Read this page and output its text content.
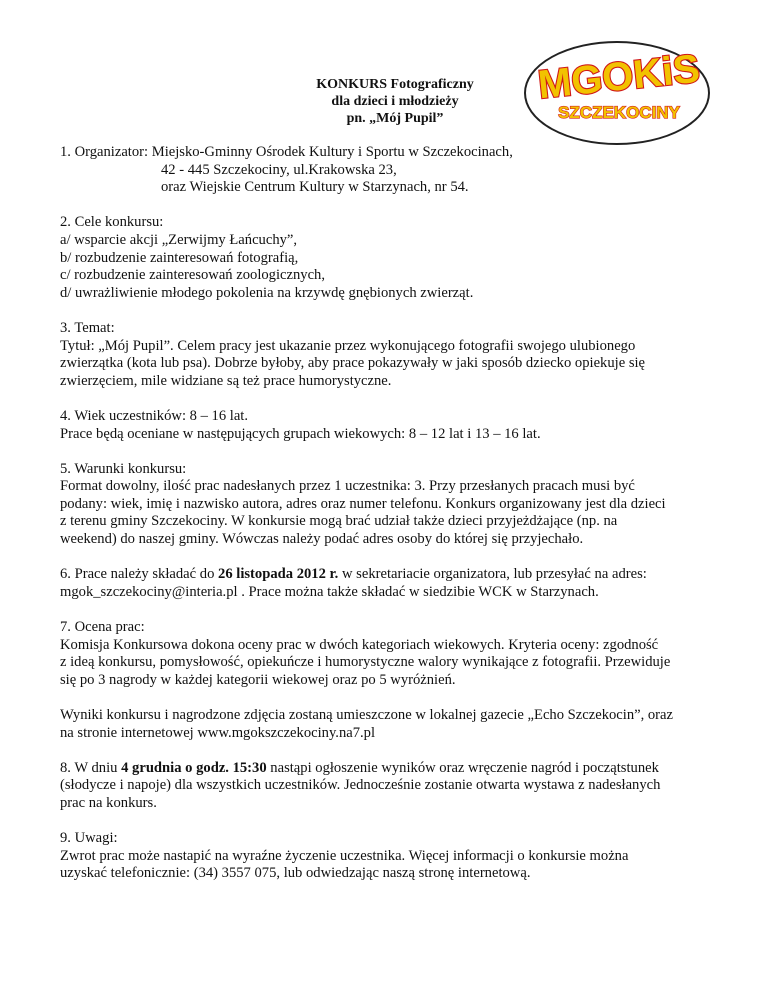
KONKURS Fotograficzny
dla dzieci i młodzieży
pn. „Mój Pupil”
MGOKiS
SZCZEKOCINY

1. Organizator: Miejsko-Gminny Ośrodek Kultury i Sportu w Szczekocinach,
42 - 445 Szczekociny, ul.Krakowska 23,
oraz Wiejskie Centrum Kultury w Starzynach, nr 54.

2. Cele konkursu:
a/ wsparcie akcji „Zerwijmy Łańcuchy”,
b/ rozbudzenie zainteresowań fotografią,
c/ rozbudzenie zainteresowań zoologicznych,
d/ uwrażliwienie młodego pokolenia na krzywdę gnębionych zwierząt.

3. Temat:
Tytuł: „Mój Pupil”. Celem pracy jest ukazanie przez wykonującego fotografii swojego ulubionego
zwierzątka (kota lub psa). Dobrze byłoby, aby prace pokazywały w jaki sposób dziecko opiekuje się
zwierzęciem, mile widziane są też prace humorystyczne.

4. Wiek uczestników: 8 – 16 lat.
Prace będą oceniane w następujących grupach wiekowych: 8 – 12 lat i 13 – 16 lat.

5. Warunki konkursu:
Format dowolny, ilość prac nadesłanych przez 1 uczestnika: 3. Przy przesłanych pracach musi być
podany: wiek, imię i nazwisko autora, adres oraz numer telefonu. Konkurs organizowany jest dla dzieci
z terenu gminy Szczekociny. W konkursie mogą brać udział także dzieci przyjeżdżające (np. na
weekend) do naszej gminy. Wówczas należy podać adres osoby do której się przyjechało.

6. Prace należy składać do 26 listopada 2012 r. w sekretariacie organizatora, lub przesyłać na adres:
mgok_szczekociny@interia.pl . Prace można także składać w siedzibie WCK w Starzynach.

7. Ocena prac:
Komisja Konkursowa dokona oceny prac w dwóch kategoriach wiekowych. Kryteria oceny: zgodność
z ideą konkursu, pomysłowość, opiekuńcze i humorystyczne walory wynikające z fotografii. Przewiduje
się po 3 nagrody w każdej kategorii wiekowej oraz po 5 wyróżnień.

Wyniki konkursu i nagrodzone zdjęcia zostaną umieszczone w lokalnej gazecie „Echo Szczekocin”, oraz
na stronie internetowej www.mgokszczekociny.na7.pl

8. W dniu 4 grudnia o godz. 15:30 nastąpi ogłoszenie wyników oraz wręczenie nagród i początstunek
(słodycze i napoje) dla wszystkich uczestników. Jednocześnie zostanie otwarta wystawa z nadesłanych
prac na konkurs.

9. Uwagi:
Zwrot prac może nastapić na wyraźne życzenie uczestnika. Więcej informacji o konkursie można
uzyskać telefonicznie: (34) 3557 075, lub odwiedzając naszą stronę internetową.
